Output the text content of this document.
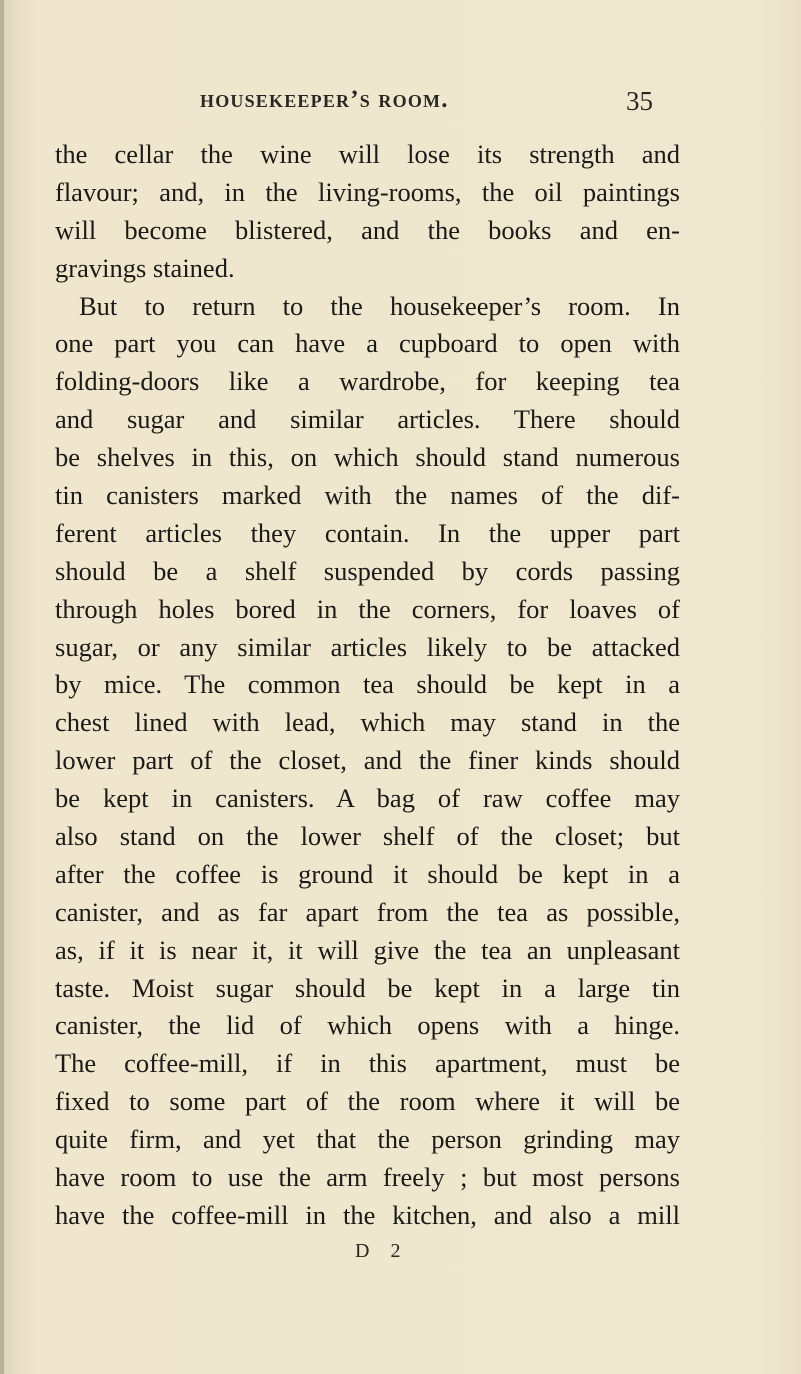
housekeeper’s room.	35
the cellar the wine will lose its strength and
flavour; and, in the living-rooms, the oil paintings
will become blistered, and the books and en-
gravings stained.
But to return to the housekeeper’s room. In
one part you can have a cupboard to open with
folding-doors like a wardrobe, for keeping tea
and sugar and similar articles. There should
be shelves in this, on which should stand numerous
tin canisters marked with the names of the dif-
ferent articles they contain. In the upper part
should be a shelf suspended by cords passing
through holes bored in the corners, for loaves of
sugar, or any similar articles likely to be attacked
by mice. The common tea should be kept in a
chest lined with lead, which may stand in the
lower part of the closet, and the finer kinds should
be kept in canisters. A bag of raw coffee may
also stand on the lower shelf of the closet; but
after the coffee is ground it should be kept in a
canister, and as far apart from the tea as possible,
as, if it is near it, it will give the tea an unpleasant
taste. Moist sugar should be kept in a large tin
canister, the lid of which opens with a hinge.
The coffee-mill, if in this apartment, must be
fixed to some part of the room where it will be
quite firm, and yet that the person grinding may
have room to use the arm freely ; but most persons
have the coffee-mill in the kitchen, and also a mill
D 2
